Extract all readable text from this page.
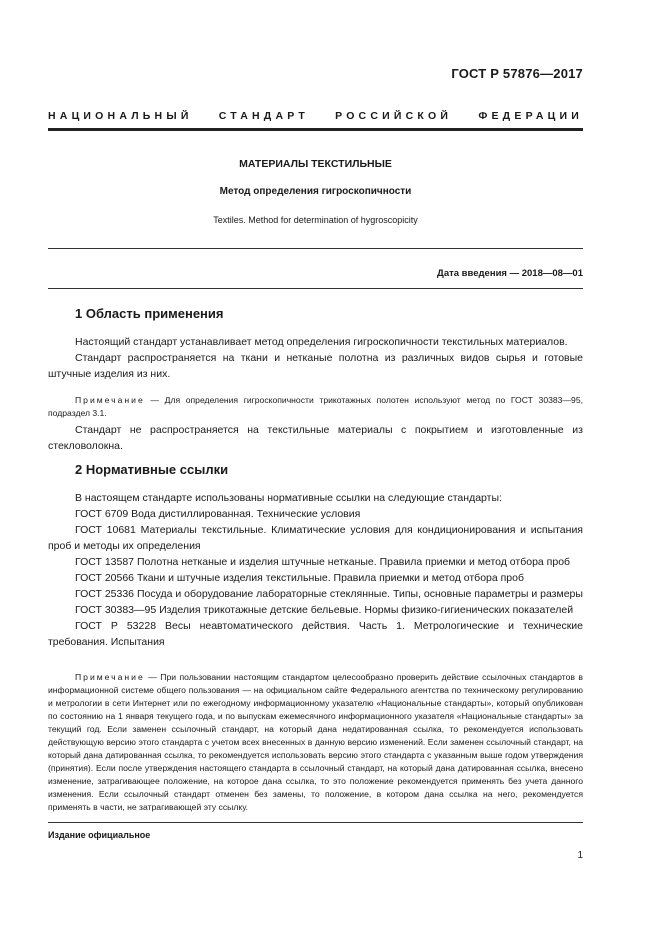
ГОСТ Р 57876—2017
НАЦИОНАЛЬНЫЙ СТАНДАРТ РОССИЙСКОЙ ФЕДЕРАЦИИ
МАТЕРИАЛЫ ТЕКСТИЛЬНЫЕ
Метод определения гигроскопичности
Textiles. Method for determination of hygroscopicity
Дата введения — 2018—08—01
1 Область применения

Настоящий стандарт устанавливает метод определения гигроскопичности текстильных материалов.

Стандарт распространяется на ткани и нетканые полотна из различных видов сырья и готовые штучные изделия из них.

Примечание — Для определения гигроскопичности трикотажных полотен используют метод по ГОСТ 30383—95, подраздел 3.1.

Стандарт не распространяется на текстильные материалы с покрытием и изготовленные из стекловолокна.

2 Нормативные ссылки

В настоящем стандарте использованы нормативные ссылки на следующие стандарты:

ГОСТ 6709 Вода дистиллированная. Технические условия

ГОСТ 10681 Материалы текстильные. Климатические условия для кондиционирования и испытания проб и методы их определения

ГОСТ 13587 Полотна нетканые и изделия штучные нетканые. Правила приемки и метод отбора проб

ГОСТ 20566 Ткани и штучные изделия текстильные. Правила приемки и метод отбора проб

ГОСТ 25336 Посуда и оборудование лабораторные стеклянные. Типы, основные параметры и размеры

ГОСТ 30383—95 Изделия трикотажные детские бельевые. Нормы физико-гигиенических показателей

ГОСТ Р 53228 Весы неавтоматического действия. Часть 1. Метрологические и технические требования. Испытания

Примечание — При пользовании настоящим стандартом целесообразно проверить действие ссылочных стандартов в информационной системе общего пользования — на официальном сайте Федерального агентства по техническому регулированию и метрологии в сети Интернет или по ежегодному информационному указателю «Национальные стандарты», который опубликован по состоянию на 1 января текущего года, и по выпускам ежемесячного информационного указателя «Национальные стандарты» за текущий год. Если заменен ссылочный стандарт, на который дана недатированная ссылка, то рекомендуется использовать действующую версию этого стандарта с учетом всех внесенных в данную версию изменений. Если заменен ссылочный стандарт, на который дана датированная ссылка, то рекомендуется использовать версию этого стандарта с указанным выше годом утверждения (принятия). Если после утверждения настоящего стандарта в ссылочный стандарт, на который дана датированная ссылка, внесено изменение, затрагивающее положение, на которое дана ссылка, то это положение рекомендуется применять без учета данного изменения. Если ссылочный стандарт отменен без замены, то положение, в котором дана ссылка на него, рекомендуется применять в части, не затрагивающей эту ссылку.

Издание официальное
1
